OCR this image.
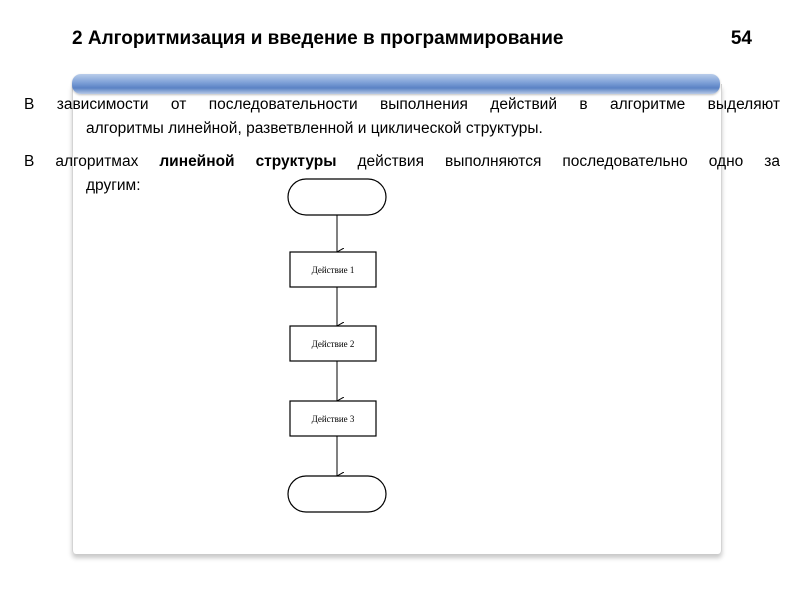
2 Алгоритмизация и введение в программирование	54
В зависимости от последовательности выполнения действий в алгоритме выделяют
алгоритмы линейной, разветвленной и циклической структуры.
В алгоритмах линейной структуры действия выполняются последовательно одно за
другим:
Действие 1
Действие 2
Действие 3
